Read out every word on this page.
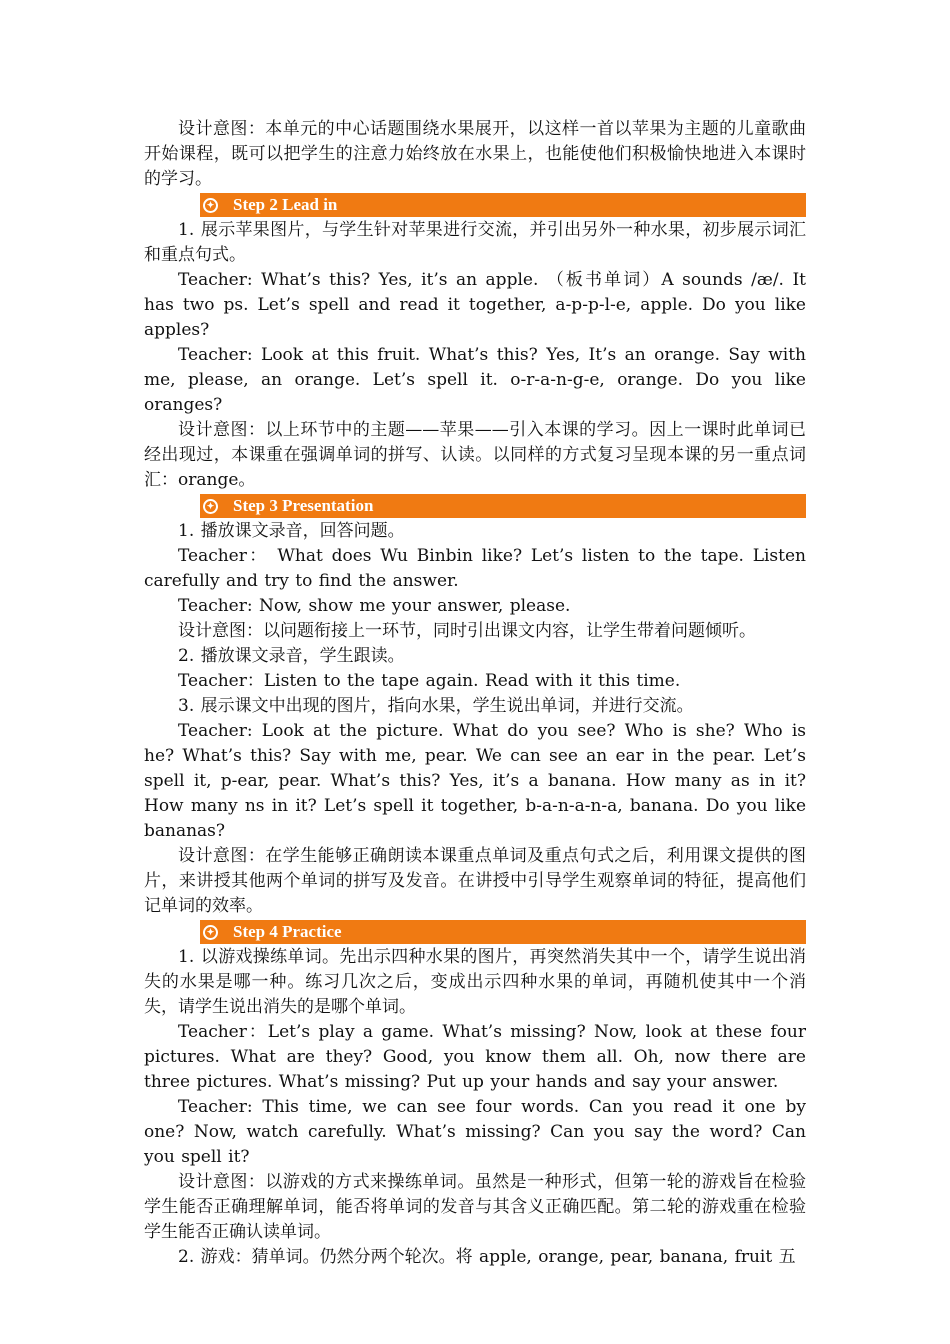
设计意图：本单元的中心话题围绕水果展开，以这样一首以苹果为主题的儿童歌曲开始课程，既可以把学生的注意力始终放在水果上，也能使他们积极愉快地进入本课时的学习。

✦ Step 2 Lead in

1. 展示苹果图片，与学生针对苹果进行交流，并引出另外一种水果，初步展示词汇和重点句式。

Teacher: What’s this? Yes, it’s an apple. （板书单词）A sounds /æ/. It has two ps. Let’s spell and read it together, a-p-p-l-e, apple. Do you like apples?

Teacher: Look at this fruit. What’s this? Yes, It’s an orange. Say with me, please, an orange. Let’s spell it. o-r-a-n-g-e, orange. Do you like oranges?

设计意图：以上环节中的主题——苹果——引入本课的学习。因上一课时此单词已经出现过，本课重在强调单词的拼写、认读。以同样的方式复习呈现本课的另一重点词汇：orange。

✦ Step 3 Presentation

1. 播放课文录音，回答问题。

Teacher： What does Wu Binbin like? Let’s listen to the tape. Listen carefully and try to find the answer.

Teacher: Now, show me your answer, please.

设计意图：以问题衔接上一环节，同时引出课文内容，让学生带着问题倾听。

2. 播放课文录音，学生跟读。

Teacher：Listen to the tape again. Read with it this time.

3. 展示课文中出现的图片，指向水果，学生说出单词，并进行交流。

Teacher: Look at the picture. What do you see? Who is she? Who is he? What’s this? Say with me, pear. We can see an ear in the pear. Let’s spell it, p-ear, pear. What’s this? Yes, it’s a banana. How many as in it? How many ns in it? Let’s spell it together, b-a-n-a-n-a, banana. Do you like bananas?

设计意图：在学生能够正确朗读本课重点单词及重点句式之后，利用课文提供的图片，来讲授其他两个单词的拼写及发音。在讲授中引导学生观察单词的特征，提高他们记单词的效率。

✦ Step 4 Practice

1. 以游戏操练单词。先出示四种水果的图片，再突然消失其中一个，请学生说出消失的水果是哪一种。练习几次之后，变成出示四种水果的单词，再随机使其中一个消失，请学生说出消失的是哪个单词。

Teacher：Let’s play a game. What’s missing? Now, look at these four pictures. What are they? Good, you know them all. Oh, now there are three pictures. What’s missing? Put up your hands and say your answer.

Teacher: This time, we can see four words. Can you read it one by one? Now, watch carefully. What’s missing? Can you say the word? Can you spell it?

设计意图：以游戏的方式来操练单词。虽然是一种形式，但第一轮的游戏旨在检验学生能否正确理解单词，能否将单词的发音与其含义正确匹配。第二轮的游戏重在检验学生能否正确认读单词。

2. 游戏：猜单词。仍然分两个轮次。将 apple, orange, pear, banana, fruit 五
